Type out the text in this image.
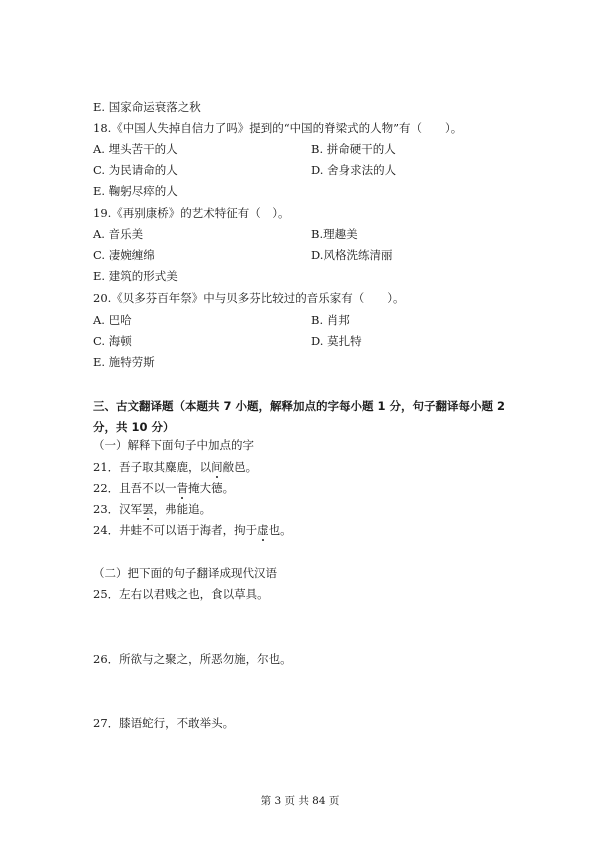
E. 国家命运衰落之秋
18.《中国人失掉自信力了吗》提到的“中国的脊梁式的人物”有（　　）。
A. 埋头苦干的人	B. 拼命硬干的人
C. 为民请命的人	D. 舍身求法的人
E. 鞠躬尽瘁的人
19.《再别康桥》的艺术特征有（　）。
A. 音乐美	B.理趣美
C. 凄婉缠绵	D.风格洗练清丽
E. 建筑的形式美
20.《贝多芬百年祭》中与贝多芬比较过的音乐家有（　　）。
A. 巴哈	B. 肖邦
C. 海顿	D. 莫扎特
E. 施特劳斯
三、古文翻译题（本题共 7 小题，解释加点的字每小题 1 分，句子翻译每小题 2 分，共 10 分）
（一）解释下面句子中加点的字
21．吾子取其麋鹿，以间敝邑。
22．且吾不以一眚掩大德。
23．汉军罢，弗能追。
24．井蛙不可以语于海者，拘于虚也。
（二）把下面的句子翻译成现代汉语
25．左右以君贱之也，食以草具。
26．所欲与之聚之，所恶勿施，尔也。
27．膝语蛇行，不敢举头。
第 3 页 共 84 页
